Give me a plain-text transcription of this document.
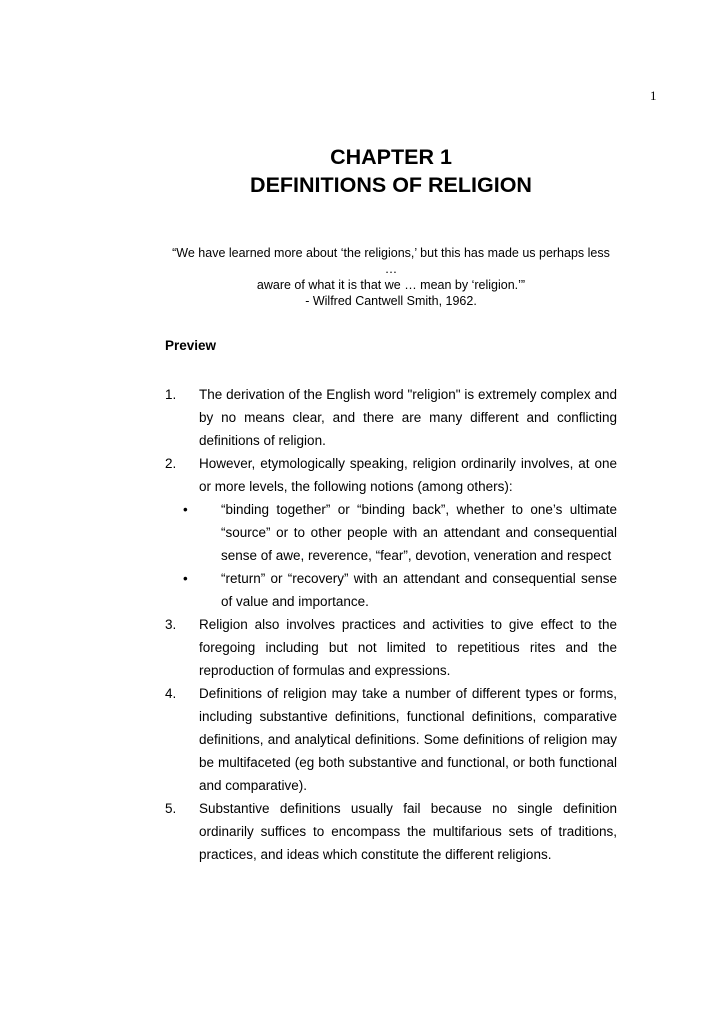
1
CHAPTER 1
DEFINITIONS OF RELIGION
“We have learned more about ‘the religions,’ but this has made us perhaps less …
aware of what it is that we … mean by ‘religion.’”
- Wilfred Cantwell Smith, 1962.
Preview
1. The derivation of the English word "religion" is extremely complex and by no means clear, and there are many different and conflicting definitions of religion.
2. However, etymologically speaking, religion ordinarily involves, at one or more levels, the following notions (among others):
• “binding together” or “binding back”, whether to one’s ultimate “source” or to other people with an attendant and consequential sense of awe, reverence, “fear”, devotion, veneration and respect
• “return” or “recovery” with an attendant and consequential sense of value and importance.
3. Religion also involves practices and activities to give effect to the foregoing including but not limited to repetitious rites and the reproduction of formulas and expressions.
4. Definitions of religion may take a number of different types or forms, including substantive definitions, functional definitions, comparative definitions, and analytical definitions. Some definitions of religion may be multifaceted (eg both substantive and functional, or both functional and comparative).
5. Substantive definitions usually fail because no single definition ordinarily suffices to encompass the multifarious sets of traditions, practices, and ideas which constitute the different religions.
